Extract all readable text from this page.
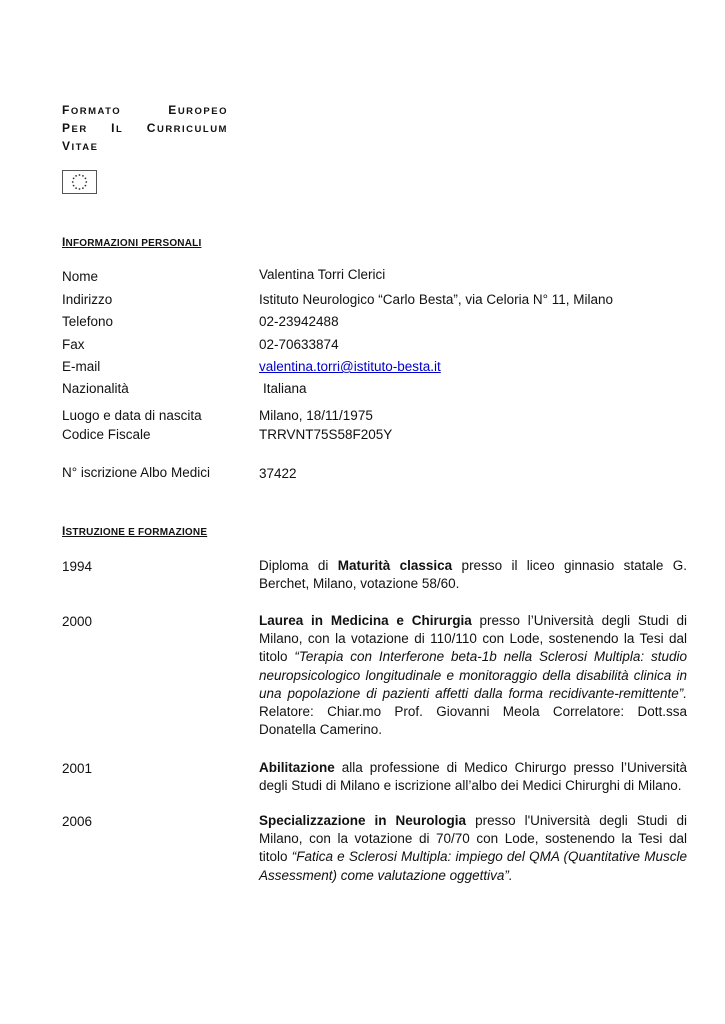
FORMATO	EUROPEO
PER IL CURRICULUM
VITAE
INFORMAZIONI PERSONALI
Nome	Valentina Torri Clerici
Indirizzo	Istituto Neurologico “Carlo Besta”, via Celoria N° 11, Milano
Telefono	02-23942488
Fax	02-70633874
E-mail	valentina.torri@istituto-besta.it
Nazionalità	Italiana
Luogo e data di nascita	Milano, 18/11/1975
Codice Fiscale	TRRVNT75S58F205Y
N° iscrizione Albo Medici	37422
ISTRUZIONE E FORMAZIONE
1994	Diploma di Maturità classica presso il liceo ginnasio statale G. Berchet, Milano, votazione 58/60.
2000	Laurea in Medicina e Chirurgia presso l’Università degli Studi di Milano, con la votazione di 110/110 con Lode, sostenendo la Tesi dal titolo “Terapia con Interferone beta-1b nella Sclerosi Multipla: studio neuropsicologico longitudinale e monitoraggio della disabilità clinica in una popolazione di pazienti affetti dalla forma recidivante-remittente”. Relatore: Chiar.mo Prof. Giovanni Meola Correlatore: Dott.ssa Donatella Camerino.
2001	Abilitazione alla professione di Medico Chirurgo presso l’Università degli Studi di Milano e iscrizione all’albo dei Medici Chirurghi di Milano.
2006	Specializzazione in Neurologia presso l'Università degli Studi di Milano, con la votazione di 70/70 con Lode, sostenendo la Tesi dal titolo “Fatica e Sclerosi Multipla: impiego del QMA (Quantitative Muscle Assessment) come valutazione oggettiva”.
